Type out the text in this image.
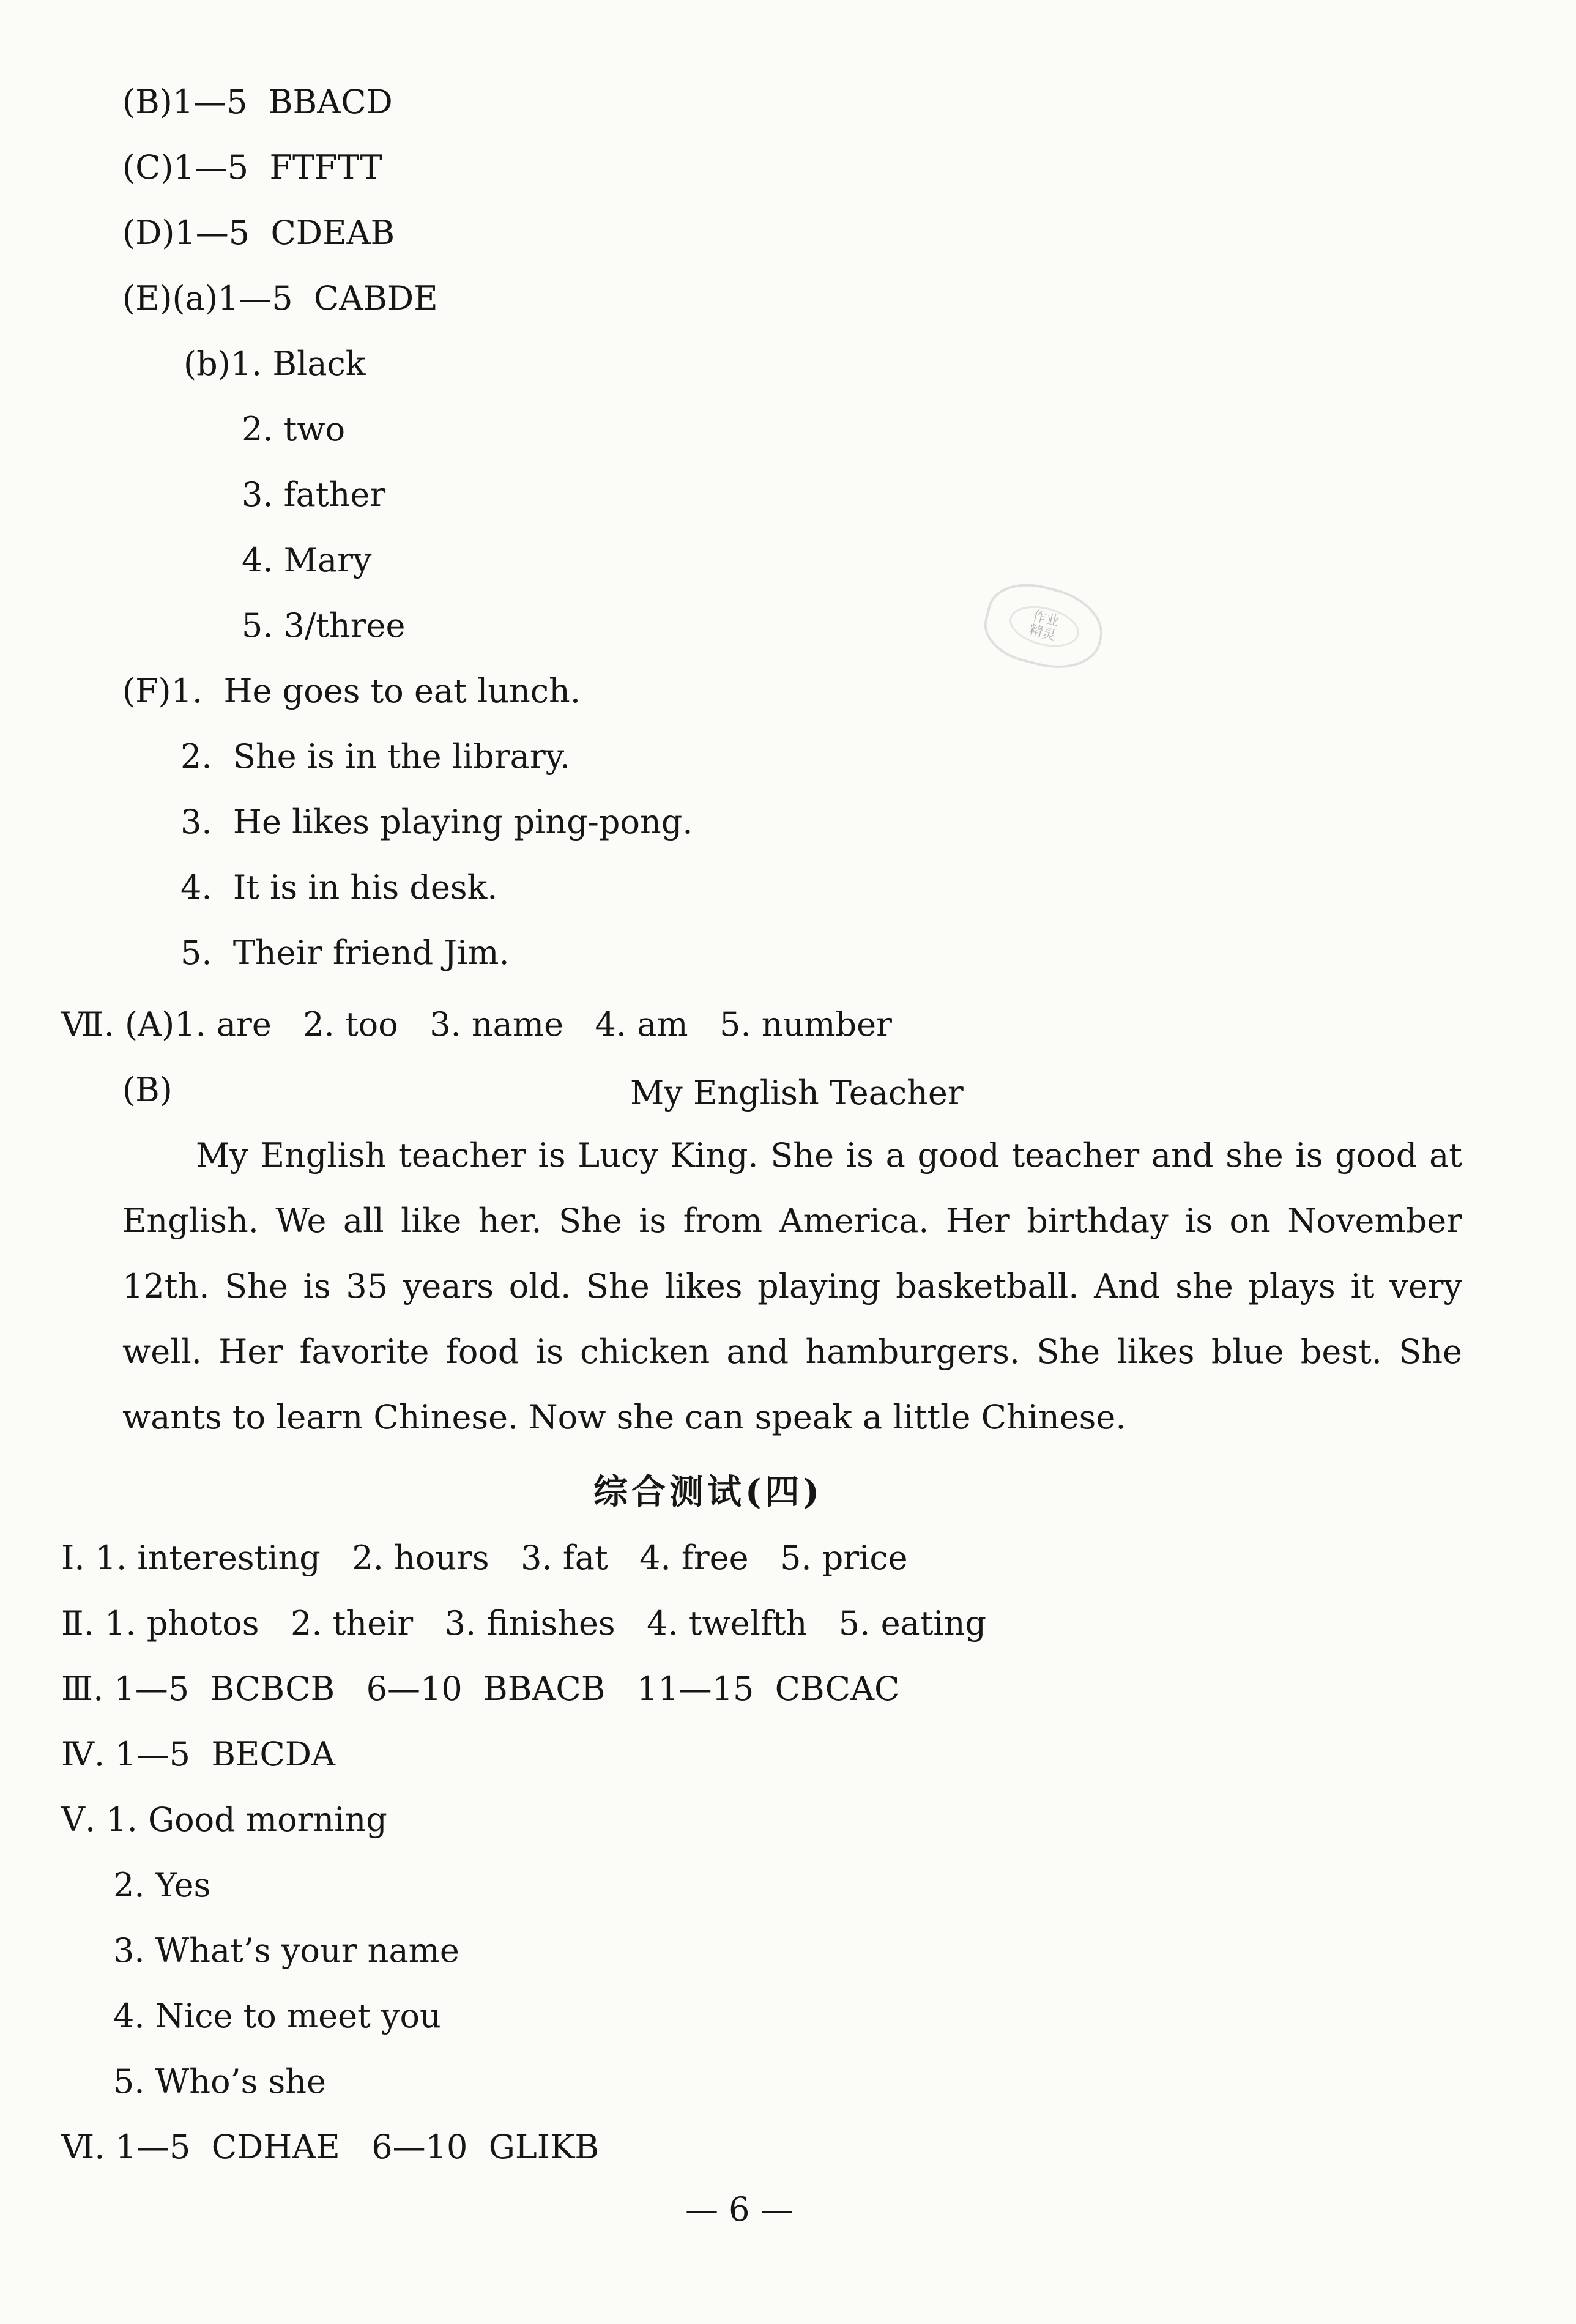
(B)1—5  BBACD
(C)1—5  FTFTT
(D)1—5  CDEAB
(E)(a)1—5  CABDE
(b)1. Black
2. two
3. father
4. Mary
5. 3/three	作业
精灵
(F)1.  He goes to eat lunch.
2.  She is in the library.
3.  He likes playing ping-pong.
4.  It is in his desk.
5.  Their friend Jim.
Ⅶ. (A)1. are   2. too   3. name   4. am   5. number
(B)	My English Teacher
My English teacher is Lucy King. She is a good teacher and she is good at English. We all like her. She is from America. Her birthday is on November 12th. She is 35 years old. She likes playing basketball. And she plays it very well. Her favorite food is chicken and hamburgers. She likes blue best. She wants to learn Chinese. Now she can speak a little Chinese.
综合测试(四)
Ⅰ. 1. interesting   2. hours   3. fat   4. free   5. price
Ⅱ. 1. photos   2. their   3. finishes   4. twelfth   5. eating
Ⅲ. 1—5  BCBCB   6—10  BBACB   11—15  CBCAC
Ⅳ. 1—5  BECDA
Ⅴ. 1. Good morning
2. Yes
3. What’s your name
4. Nice to meet you
5. Who’s she
Ⅵ. 1—5  CDHAE   6—10  GLIKB
— 6 —
